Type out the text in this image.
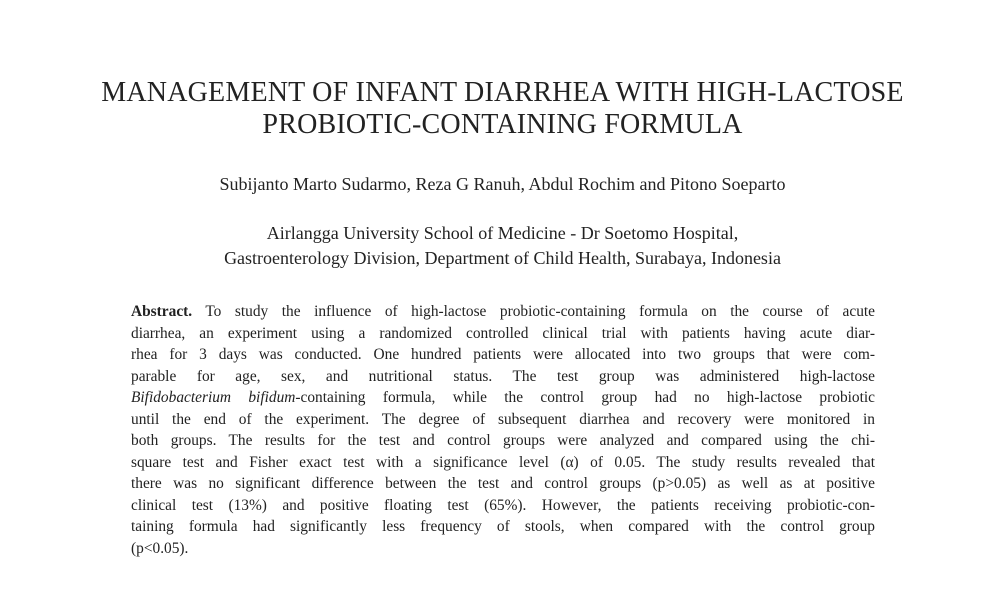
MANAGEMENT OF INFANT DIARRHEA WITH HIGH-LACTOSE
PROBIOTIC-CONTAINING FORMULA
Subijanto Marto Sudarmo, Reza G Ranuh, Abdul Rochim and Pitono Soeparto
Airlangga University School of Medicine - Dr Soetomo Hospital,
Gastroenterology Division, Department of Child Health, Surabaya, Indonesia
Abstract. To study the influence of high-lactose probiotic-containing formula on the course of acute
diarrhea, an experiment using a randomized controlled clinical trial with patients having acute diar-
rhea for 3 days was conducted. One hundred patients were allocated into two groups that were com-
parable for age, sex, and nutritional status. The test group was administered high-lactose
Bifidobacterium bifidum-containing formula, while the control group had no high-lactose probiotic
until the end of the experiment. The degree of subsequent diarrhea and recovery were monitored in
both groups. The results for the test and control groups were analyzed and compared using the chi-
square test and Fisher exact test with a significance level (α) of 0.05. The study results revealed that
there was no significant difference between the test and control groups (p>0.05) as well as at positive
clinical test (13%) and positive floating test (65%). However, the patients receiving probiotic-con-
taining formula had significantly less frequency of stools, when compared with the control group
(p<0.05).
